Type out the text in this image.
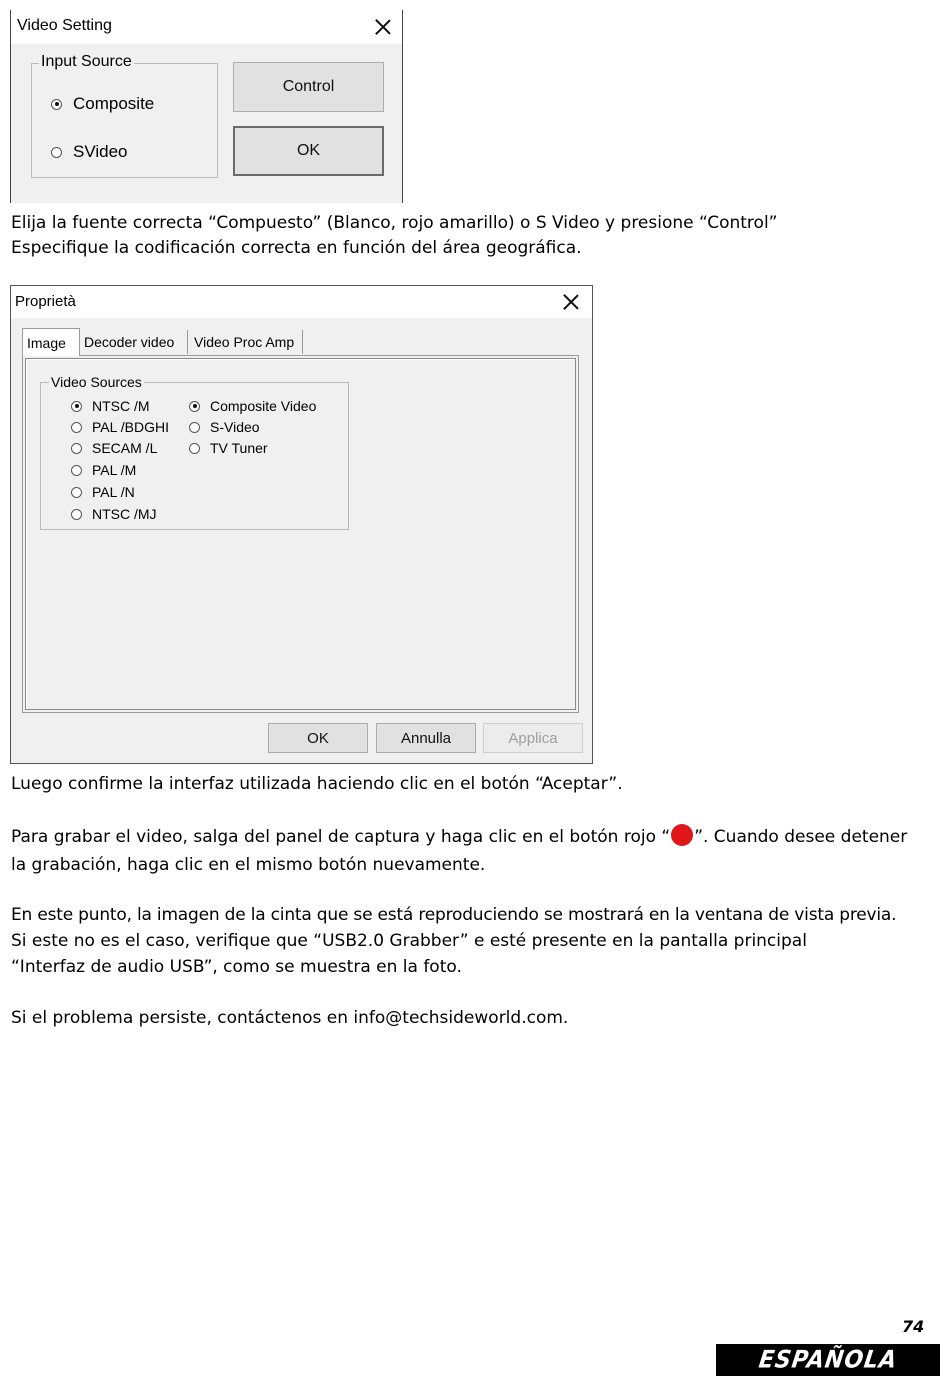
Video Setting
Input Source
Composite
SVideo
Control
OK
Elija la fuente correcta “Compuesto” (Blanco, rojo amarillo) o S Video y presione “Control”
Especifique la codificación correcta en función del área geográfica.
Proprietà
Image	Decoder video	Video Proc Amp
Video Sources
NTSC /M
PAL /BDGHI
SECAM /L
PAL /M
PAL /N
NTSC /MJ
Composite Video
S-Video
TV Tuner
OK	Annulla	Applica
Luego confirme la interfaz utilizada haciendo clic en el botón “Aceptar”.
Para grabar el video, salga del panel de captura y haga clic en el botón rojo “ ”. Cuando desee detener
la grabación, haga clic en el mismo botón nuevamente.
En este punto, la imagen de la cinta que se está reproduciendo se mostrará en la ventana de vista previa.
Si este no es el caso, verifique que “USB2.0 Grabber” e esté presente en la pantalla principal
“Interfaz de audio USB”, como se muestra en la foto.
Si el problema persiste, contáctenos en info@techsideworld.com.
74
ESPAÑOLA
